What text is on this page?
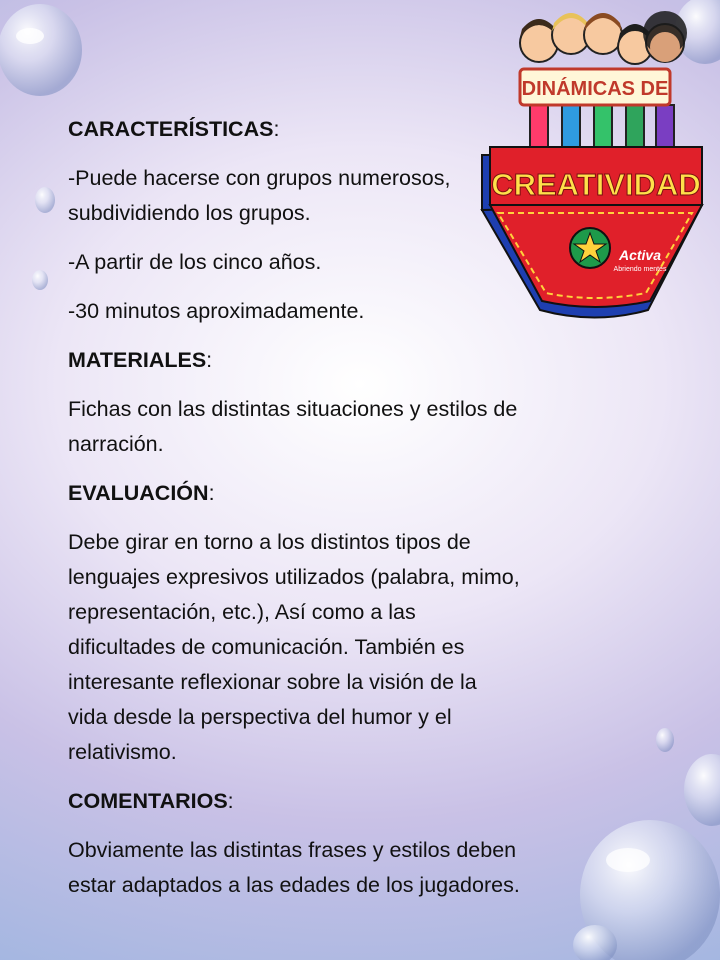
CARACTERÍSTICAS:

-Puede hacerse con grupos numerosos,
subdividiendo los grupos.

-A partir de los cinco años.

-30 minutos aproximadamente.

MATERIALES:

Fichas con las distintas situaciones y estilos de
narración.

EVALUACIÓN:

Debe girar en torno a los distintos tipos de
lenguajes expresivos utilizados (palabra, mimo,
representación, etc.), Así como a las
dificultades de comunicación. También es
interesante reflexionar sobre la visión de la
vida desde la perspectiva del humor y el
relativismo.

COMENTARIOS:

Obviamente las distintas frases y estilos deben
estar adaptados a las edades de los jugadores.

DINÁMICAS DE
CREATIVIDAD
Activa
Abriendo mentes
